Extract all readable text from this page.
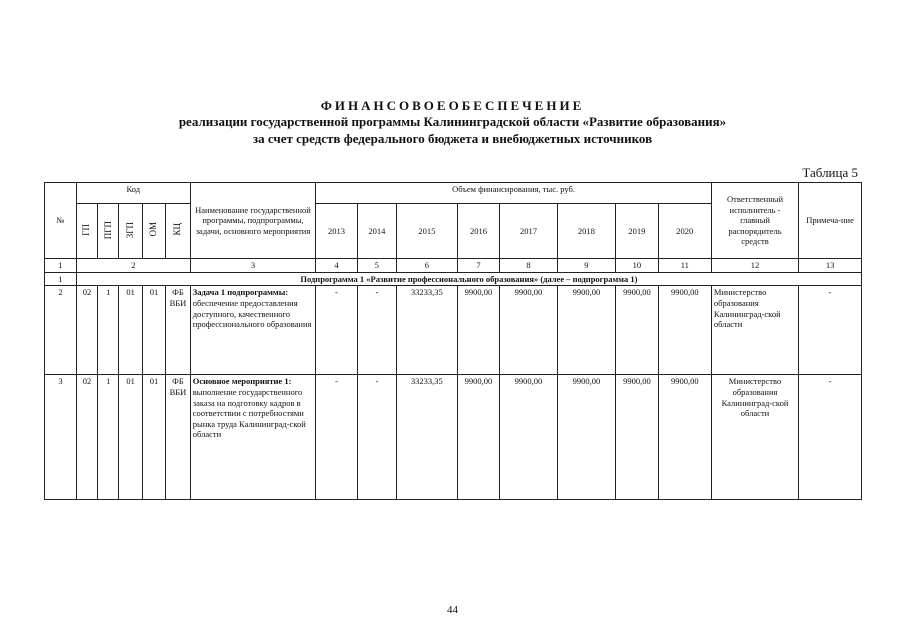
ФИНАНСОВОЕОБЕСПЕЧЕНИЕ
реализации государственной программы Калининградской области «Развитие образования»
за счет средств федерального бюджета и внебюджетных источников
Таблица 5
№	Код					Наименование государственной программы, подпрограммы, задачи, основного мероприятия	Объем финансирования, тыс. руб.								Ответственный исполнитель - главный распорядитель средств	Примеча-ние
	ГП	ПГП	ЗГП	ОМ	КЦ		2013	2014	2015	2016	2017	2018	2019	2020		
1	2					3	4	5	6	7	8	9	10	11	12	13
1	Подпрограмма 1 «Развитие профессионального образования» (далее – подпрограмма 1)															
2	02	1	01	01	ФБ ВБИ	Задача 1 подпрограммы: обеспечение предоставления доступного, качественного профессионального образования	-	-	33233,35	9900,00	9900,00	9900,00	9900,00	9900,00	Министерство образования Калининград-ской области	-
3	02	1	01	01	ФБ ВБИ	Основное мероприятие 1: выполнение государственного заказа на подготовку кадров в соответствии с потребностями рынка труда Калининград-ской области	-	-	33233,35	9900,00	9900,00	9900,00	9900,00	9900,00	Министерство образования Калининград-ской области	-
44
